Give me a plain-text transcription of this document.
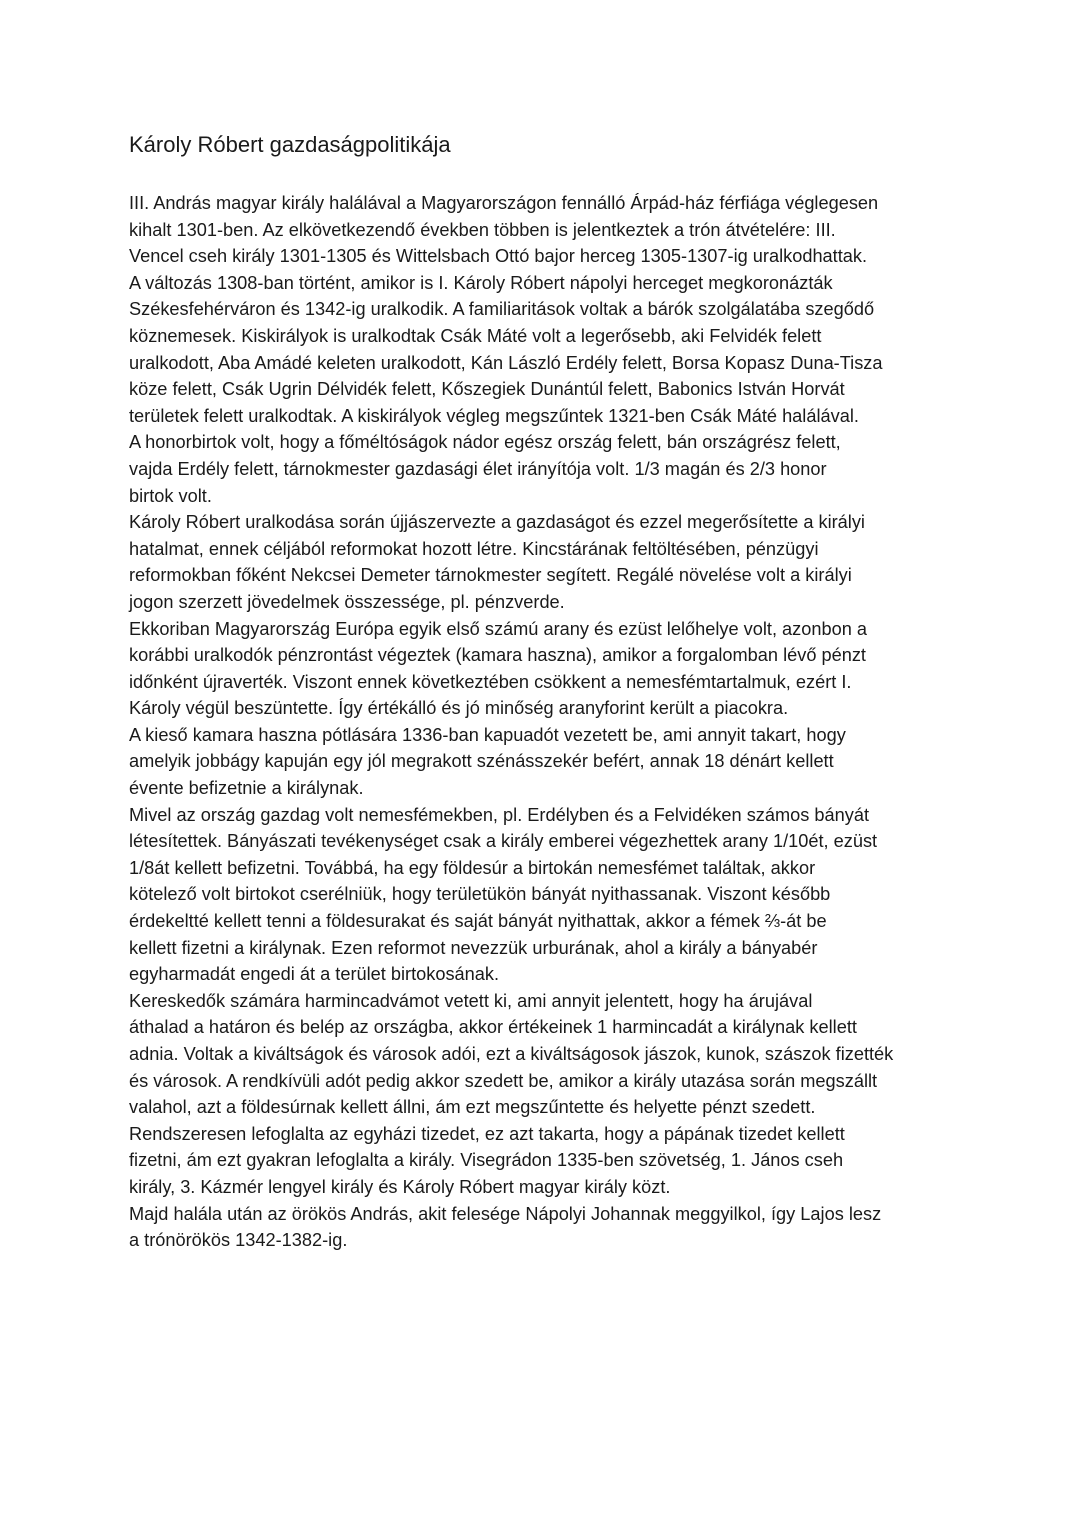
Károly Róbert gazdaságpolitikája
III. András magyar király halálával a Magyarországon fennálló Árpád-ház férfiága véglegesen
kihalt 1301-ben. Az elkövetkezendő években többen is jelentkeztek a trón átvételére: III.
Vencel cseh király 1301-1305 és Wittelsbach Ottó bajor herceg 1305-1307-ig uralkodhattak.
A változás 1308-ban történt, amikor is I. Károly Róbert nápolyi herceget megkoronázták
Székesfehérváron és 1342-ig uralkodik. A familiaritások voltak a bárók szolgálatába szegődő
köznemesek. Kiskirályok is uralkodtak Csák Máté volt a legerősebb, aki Felvidék felett
uralkodott, Aba Amádé keleten uralkodott, Kán László Erdély felett, Borsa Kopasz Duna-Tisza
köze felett, Csák Ugrin Délvidék felett, Kőszegiek Dunántúl felett, Babonics István Horvát
területek felett uralkodtak. A kiskirályok végleg megszűntek 1321-ben Csák Máté halálával.
A honorbirtok volt, hogy a főméltóságok nádor egész ország felett, bán országrész felett,
vajda Erdély felett, tárnokmester gazdasági élet irányítója volt. 1/3 magán és 2/3 honor
birtok volt.
Károly Róbert uralkodása során újjászervezte a gazdaságot és ezzel megerősítette a királyi
hatalmat, ennek céljából reformokat hozott létre. Kincstárának feltöltésében, pénzügyi
reformokban főként Nekcsei Demeter tárnokmester segített. Regálé növelése volt a királyi
jogon szerzett jövedelmek összessége, pl. pénzverde.
Ekkoriban Magyarország Európa egyik első számú arany és ezüst lelőhelye volt, azonbon a
korábbi uralkodók pénzrontást végeztek (kamara haszna), amikor a forgalomban lévő pénzt
időnként újraverték. Viszont ennek következtében csökkent a nemesfémtartalmuk, ezért I.
Károly végül beszüntette. Így értékálló és jó minőség aranyforint került a piacokra.
A kieső kamara haszna pótlására 1336-ban kapuadót vezetett be, ami annyit takart, hogy
amelyik jobbágy kapuján egy jól megrakott szénásszekér befért, annak 18 dénárt kellett
évente befizetnie a királynak.
Mivel az ország gazdag volt nemesfémekben, pl. Erdélyben és a Felvidéken számos bányát
létesítettek. Bányászati tevékenységet csak a király emberei végezhettek arany 1/10ét, ezüst
1/8át kellett befizetni. Továbbá, ha egy földesúr a birtokán nemesfémet találtak, akkor
kötelező volt birtokot cserélniük, hogy területükön bányát nyithassanak. Viszont később
érdekeltté kellett tenni a földesurakat és saját bányát nyithattak, akkor a fémek ⅔-át be
kellett fizetni a királynak. Ezen reformot nevezzük urburának, ahol a király a bányabér
egyharmadát engedi át a terület birtokosának.
Kereskedők számára harmincadvámot vetett ki, ami annyit jelentett, hogy ha árujával
áthalad a határon és belép az országba, akkor értékeinek 1 harmincadát a királynak kellett
adnia. Voltak a kiváltságok és városok adói, ezt a kiváltságosok jászok, kunok, szászok fizették
és városok. A rendkívüli adót pedig akkor szedett be, amikor a király utazása során megszállt
valahol, azt a földesúrnak kellett állni, ám ezt megszűntette és helyette pénzt szedett.
Rendszeresen lefoglalta az egyházi tizedet, ez azt takarta, hogy a pápának tizedet kellett
fizetni, ám ezt gyakran lefoglalta a király. Visegrádon 1335-ben szövetség, 1. János cseh
király, 3. Kázmér lengyel király és Károly Róbert magyar király közt.
Majd halála után az örökös András, akit felesége Nápolyi Johannak meggyilkol, így Lajos lesz
a trónörökös 1342-1382-ig.
